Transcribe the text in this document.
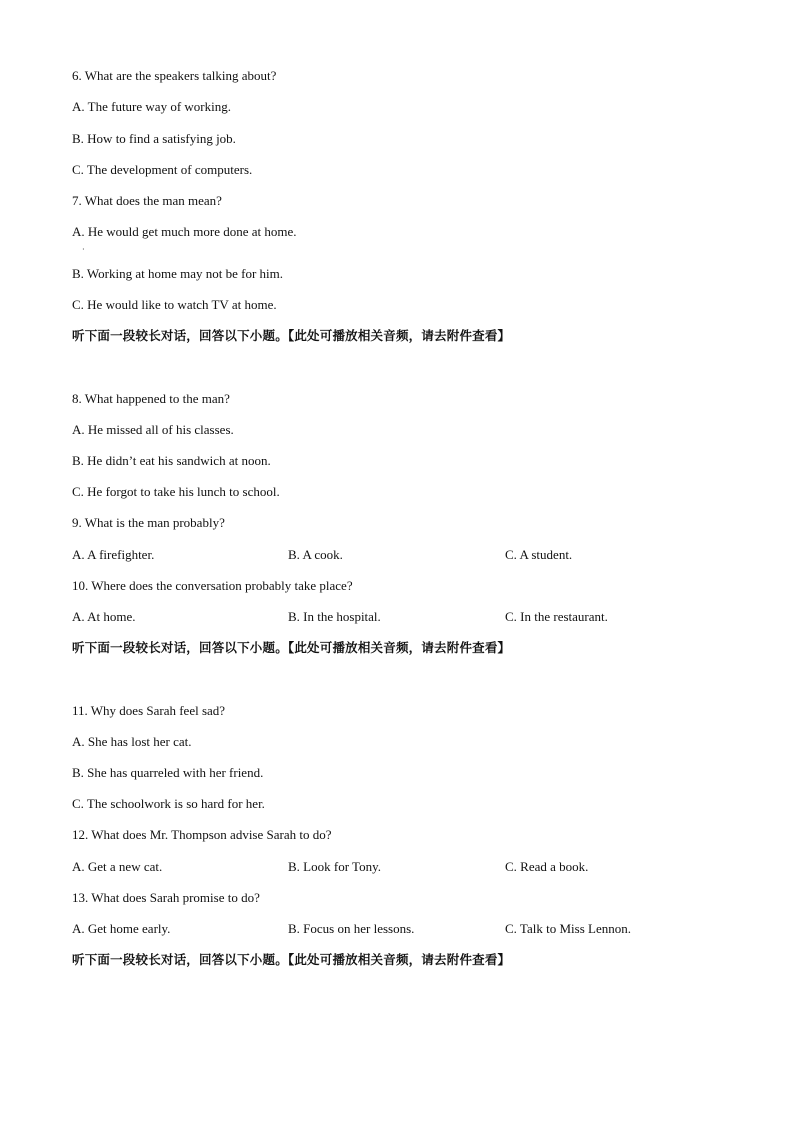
6. What are the speakers talking about?
A. The future way of working.
B. How to find a satisfying job.
C. The development of computers.
7. What does the man mean?
A. He would get much more done at home.
·
B. Working at home may not be for him.
C. He would like to watch TV at home.
听下面一段较长对话，回答以下小题。【此处可播放相关音频，请去附件查看】
8. What happened to the man?
A. He missed all of his classes.
B. He didn’t eat his sandwich at noon.
C. He forgot to take his lunch to school.
9. What is the man probably?
A. A firefighter.	B. A cook.	C. A student.
10. Where does the conversation probably take place?
A. At home.	B. In the hospital.	C. In the restaurant.
听下面一段较长对话，回答以下小题。【此处可播放相关音频，请去附件查看】
11. Why does Sarah feel sad?
A. She has lost her cat.
B. She has quarreled with her friend.
C. The schoolwork is so hard for her.
12. What does Mr. Thompson advise Sarah to do?
A. Get a new cat.	B. Look for Tony.	C. Read a book.
13. What does Sarah promise to do?
A. Get home early.	B. Focus on her lessons.	C. Talk to Miss Lennon.
听下面一段较长对话，回答以下小题。【此处可播放相关音频，请去附件查看】
